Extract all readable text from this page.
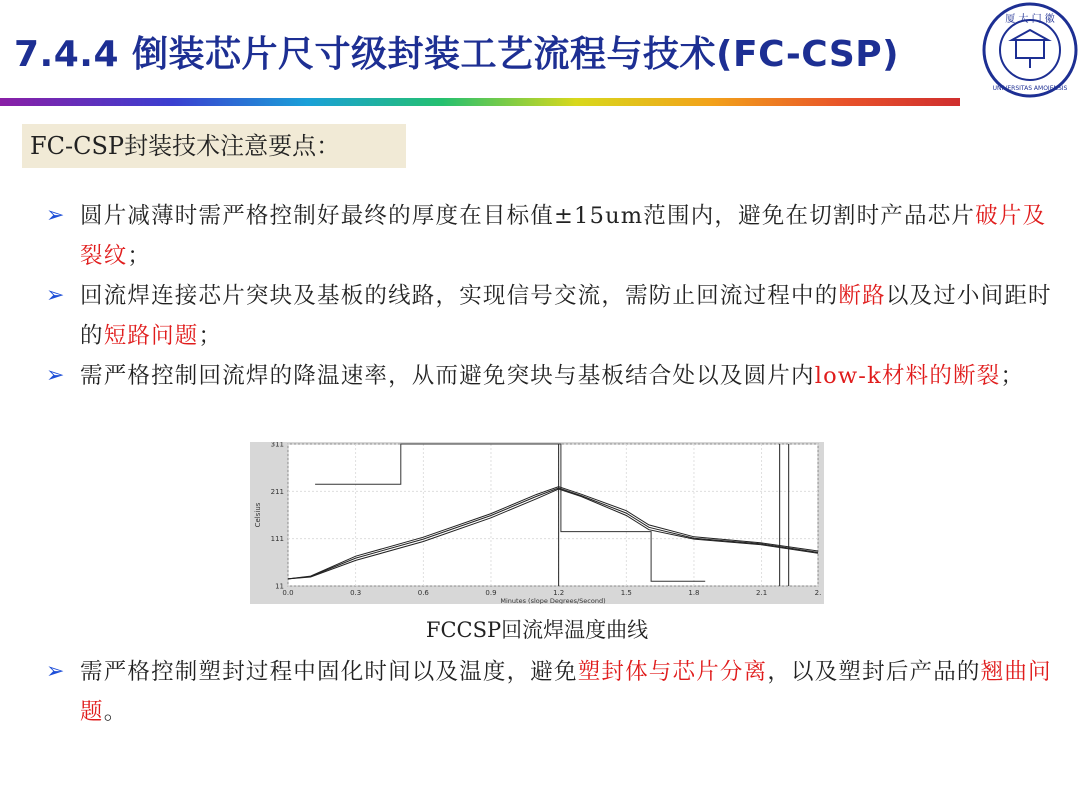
7.4.4 倒装芯片尺寸级封装工艺流程与技术(FC-CSP)
厦 大 门 徽
UNIVERSITAS AMOIENSIS
FC-CSP封装技术注意要点：
➢ 圆片减薄时需严格控制好最终的厚度在目标值±15um范围内，避免在切割时产品芯片破片及裂纹；
➢ 回流焊连接芯片突块及基板的线路，实现信号交流，需防止回流过程中的断路以及过小间距时的短路问题；
➢ 需严格控制回流焊的降温速率，从而避免突块与基板结合处以及圆片内low-k材料的断裂；
0.0	0.3	0.6	0.9	1.2	1.5	1.8	2.1	2.
11
111
211
311
Minutes (slope Degrees/Second)
Celsius
FCCSP回流焊温度曲线
➢ 需严格控制塑封过程中固化时间以及温度，避免塑封体与芯片分离，以及塑封后产品的翘曲问题。
